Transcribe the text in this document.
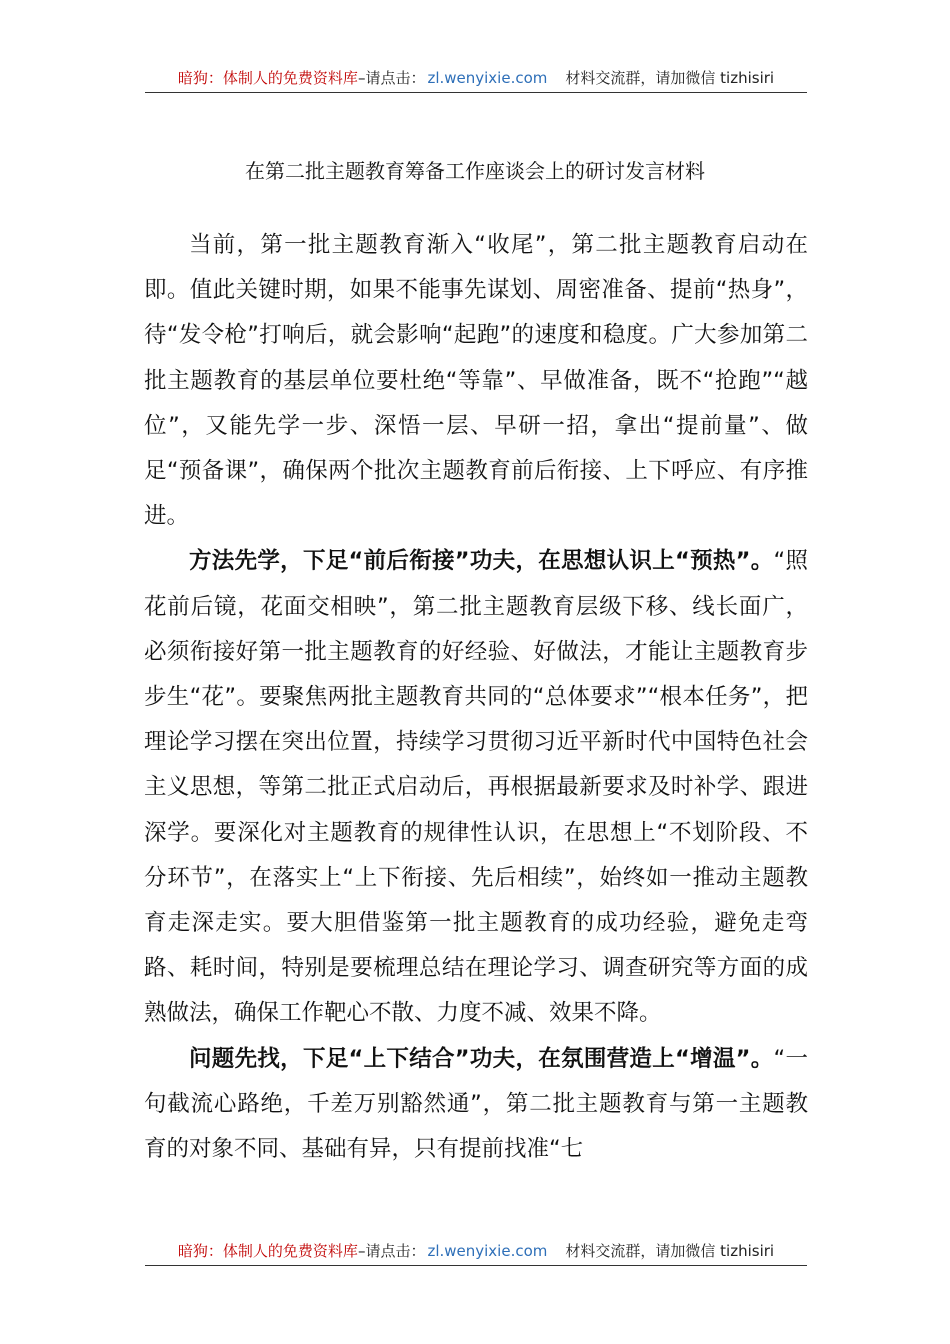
暗狗：体制人的免费资料库 –请点击： zl.wenyixie.com 材料交流群，请加微信 tizhisiri
在第二批主题教育筹备工作座谈会上的研讨发言材料

当前，第一批主题教育渐入“收尾”，第二批主题教育启动在即。值此关键时期，如果不能事先谋划、周密准备、提前“热身”，待“发令枪”打响后，就会影响“起跑”的速度和稳度。广大参加第二批主题教育的基层单位要杜绝“等靠”、早做准备，既不“抢跑”“越位”，又能先学一步、深悟一层、早研一招，拿出“提前量”、做足“预备课”，确保两个批次主题教育前后衔接、上下呼应、有序推进。

方法先学，下足“前后衔接”功夫，在思想认识上“预热”。“照花前后镜，花面交相映”，第二批主题教育层级下移、线长面广，必须衔接好第一批主题教育的好经验、好做法，才能让主题教育步步生“花”。要聚焦两批主题教育共同的“总体要求”“根本任务”，把理论学习摆在突出位置，持续学习贯彻习近平新时代中国特色社会主义思想，等第二批正式启动后，再根据最新要求及时补学、跟进深学。要深化对主题教育的规律性认识，在思想上“不划阶段、不分环节”，在落实上“上下衔接、先后相续”，始终如一推动主题教育走深走实。要大胆借鉴第一批主题教育的成功经验，避免走弯路、耗时间，特别是要梳理总结在理论学习、调查研究等方面的成熟做法，确保工作靶心不散、力度不减、效果不降。

问题先找，下足“上下结合”功夫，在氛围营造上“增温”。“一句截流心路绝，千差万别豁然通”，第二批主题教育与第一主题教育的对象不同、基础有异，只有提前找准“七

暗狗：体制人的免费资料库 –请点击： zl.wenyixie.com 材料交流群，请加微信 tizhisiri
